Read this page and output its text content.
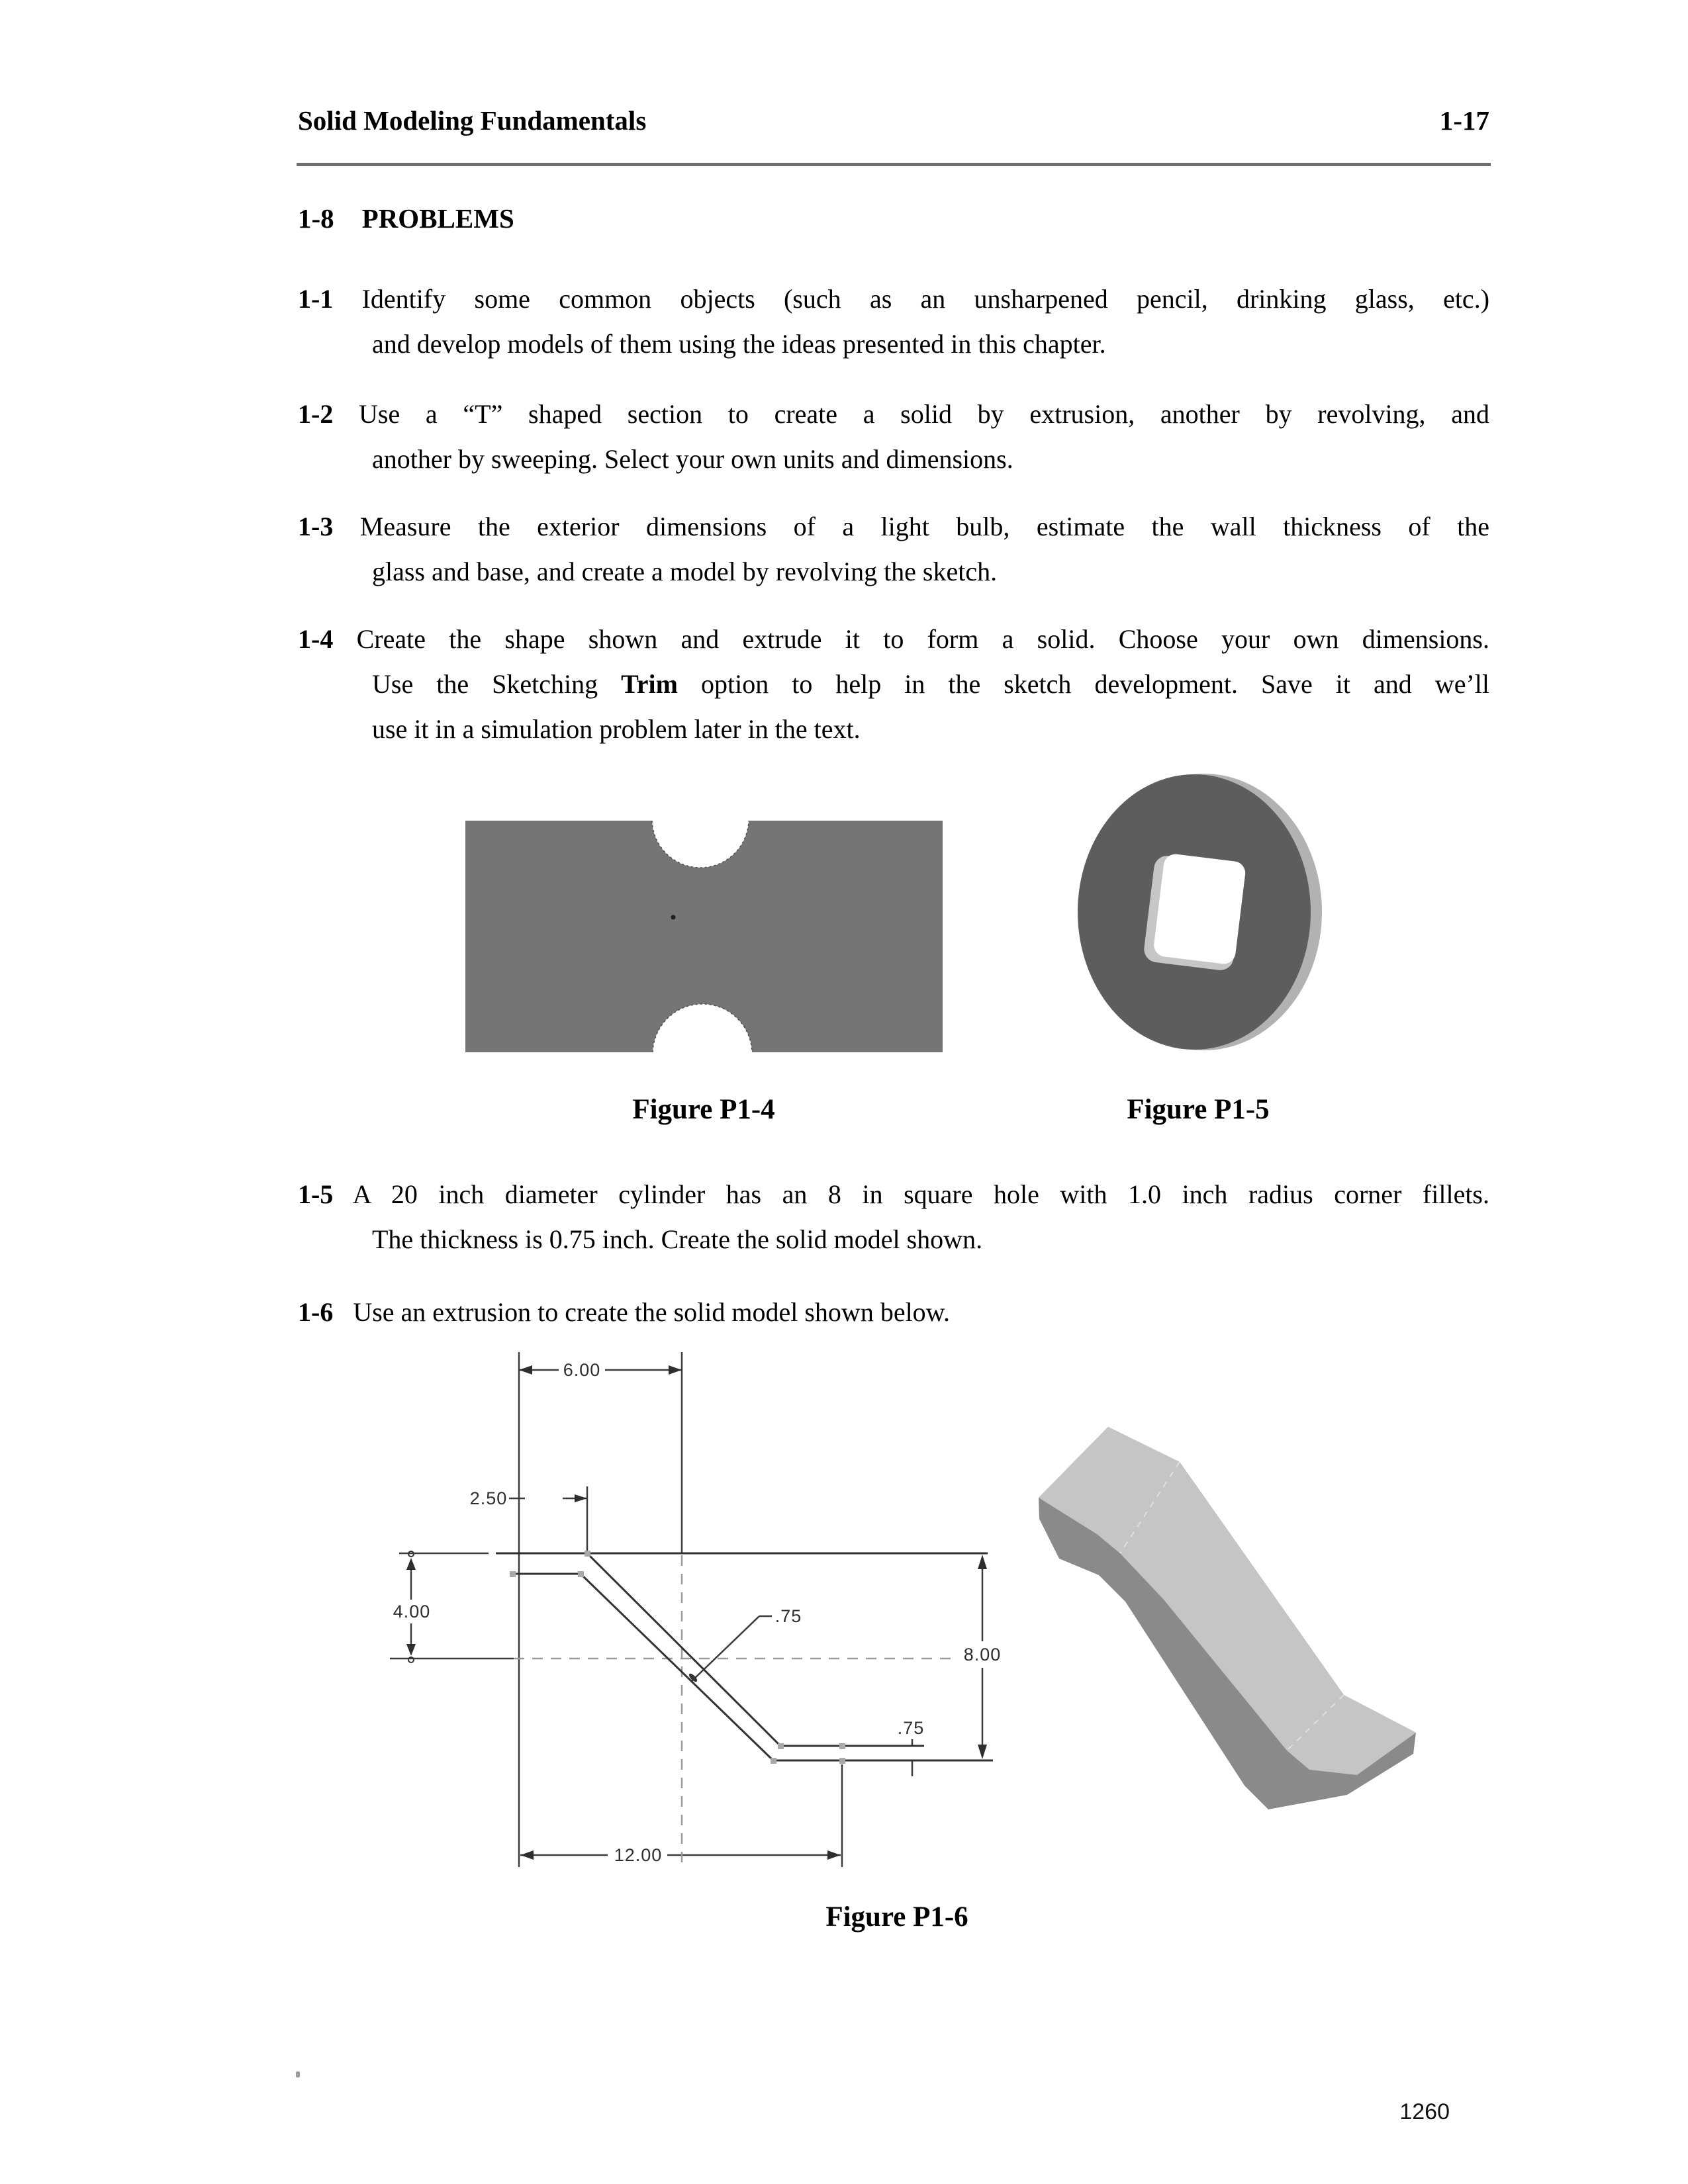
Solid Modeling Fundamentals	1-17
1-8 PROBLEMS
1-1 Identify some common objects (such as an unsharpened pencil, drinking glass, etc.)
and develop models of them using the ideas presented in this chapter.
1-2 Use a “T” shaped section to create a solid by extrusion, another by revolving, and
another by sweeping. Select your own units and dimensions.
1-3 Measure the exterior dimensions of a light bulb, estimate the wall thickness of the
glass and base, and create a model by revolving the sketch.
1-4 Create the shape shown and extrude it to form a solid. Choose your own dimensions.
Use the Sketching Trim option to help in the sketch development. Save it and we’ll
use it in a simulation problem later in the text.
Figure P1-4	Figure P1-5
1-5 A 20 inch diameter cylinder has an 8 in square hole with 1.0 inch radius corner fillets.
The thickness is 0.75 inch. Create the solid model shown.
1-6 Use an extrusion to create the solid model shown below.
6.00
2.50
4.00	.75
8.00
.75
12.00
Figure P1-6
1260
